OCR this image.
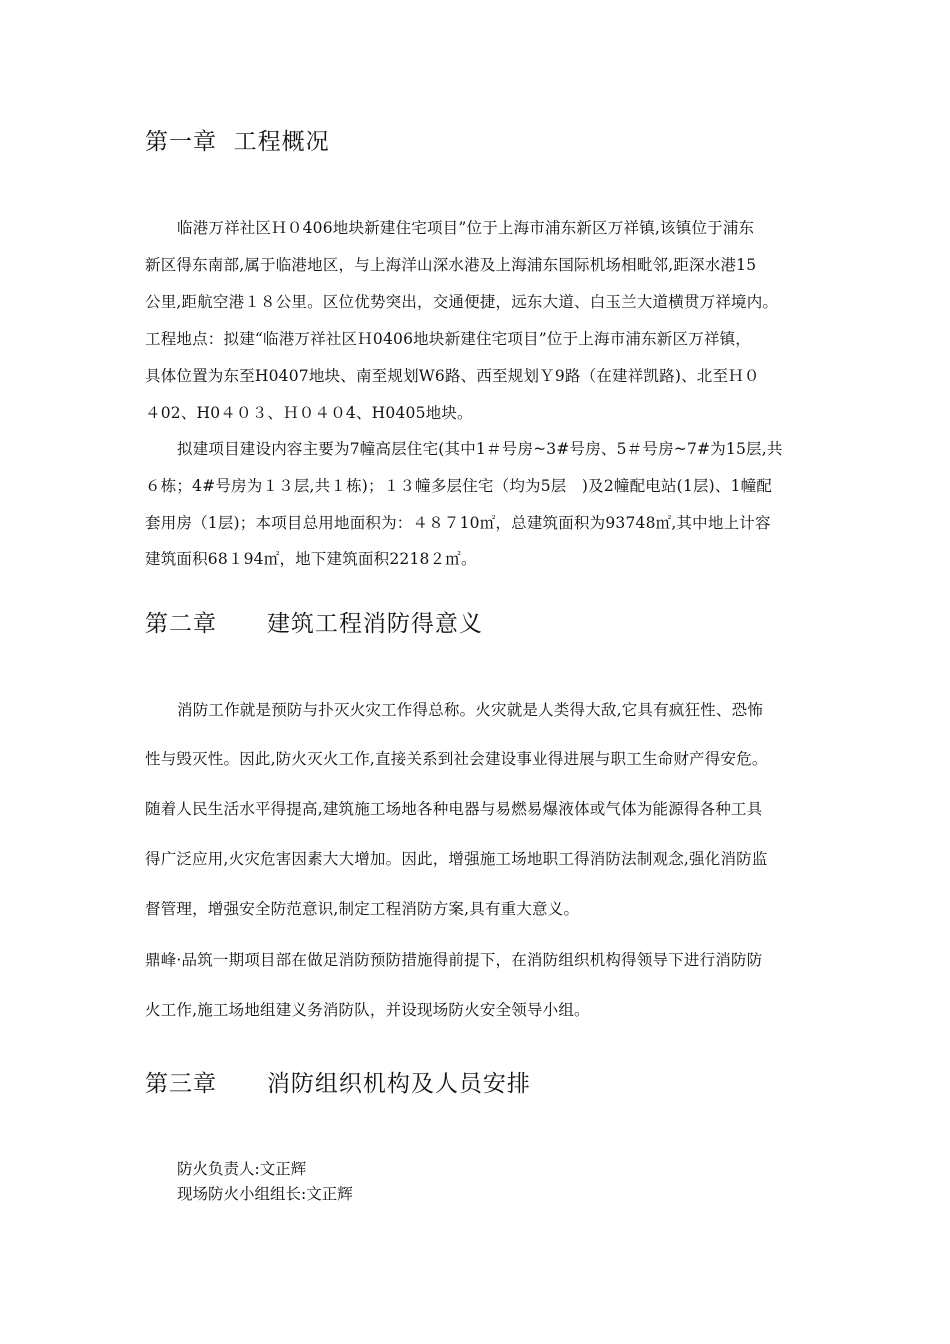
第一章  工程概况
临港万祥社区Ｈ０406地块新建住宅项目”位于上海市浦东新区万祥镇,该镇位于浦东
新区得东南部,属于临港地区，与上海洋山深水港及上海浦东国际机场相毗邻,距深水港15
公里,距航空港１８公里。区位优势突出，交通便捷，远东大道、白玉兰大道横贯万祥境内。
工程地点：拟建“临港万祥社区Ｈ0406地块新建住宅项目”位于上海市浦东新区万祥镇，
具体位置为东至H0407地块、南至规划W6路、西至规划Ｙ9路（在建祥凯路)、北至Ｈ０
４02、H0４０３、Ｈ０４０4、H0405地块。
拟建项目建设内容主要为7幢高层住宅(其中1＃号房~3#号房、5＃号房~7#为15层,共
６栋；4#号房为１３层,共１栋)；１３幢多层住宅（均为5层   )及2幢配电站(1层)、1幢配
套用房（1层)；本项目总用地面积为：４８７10㎡，总建筑面积为93748㎡,其中地上计容
建筑面积68１94㎡，地下建筑面积2218２㎡。
第二章      建筑工程消防得意义
消防工作就是预防与扑灭火灾工作得总称。火灾就是人类得大敌,它具有疯狂性、恐怖
性与毁灭性。因此,防火灭火工作,直接关系到社会建设事业得进展与职工生命财产得安危。
随着人民生活水平得提高,建筑施工场地各种电器与易燃易爆液体或气体为能源得各种工具
得广泛应用,火灾危害因素大大增加。因此，增强施工场地职工得消防法制观念,强化消防监
督管理，增强安全防范意识,制定工程消防方案,具有重大意义。
鼎峰·品筑一期项目部在做足消防预防措施得前提下，在消防组织机构得领导下进行消防防
火工作,施工场地组建义务消防队，并设现场防火安全领导小组。
第三章      消防组织机构及人员安排
防火负责人:文正辉
现场防火小组组长:文正辉
